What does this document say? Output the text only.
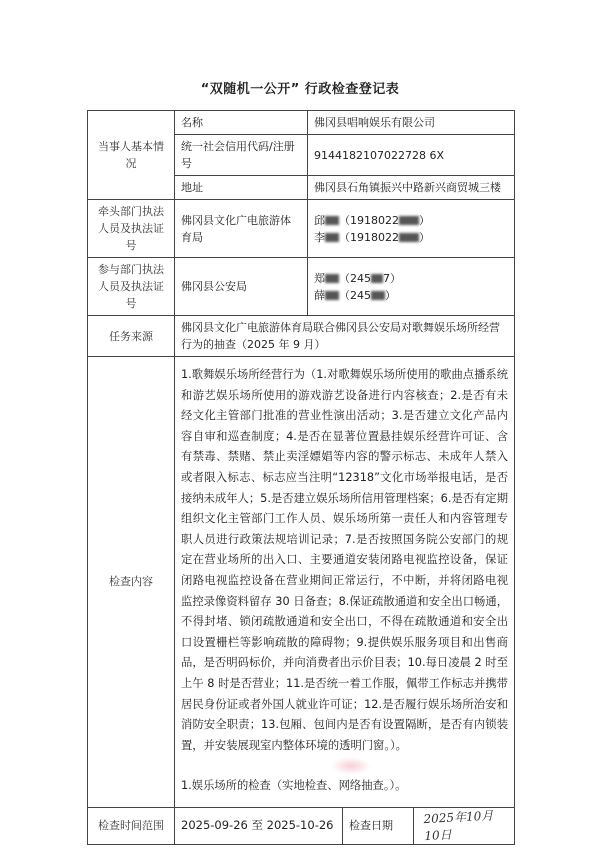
“双随机一公开” 行政检查登记表
当事人基本情况	名称	佛冈县唱响娱乐有限公司
	统一社会信用代码/注册号	9144182107022728 6X
	地址	佛冈县石角镇振兴中路新兴商贸城三楼
牵头部门执法人员及执法证号	佛冈县文化广电旅游体育局	邱 （1918022 ）
李 （1918022 ）

参与部门执法人员及执法证号	佛冈县公安局	郑 （245 7）
薛 （245 ）

任务来源	佛冈县文化广电旅游体育局联合佛冈县公安局对歌舞娱乐场所经营行为的抽查（2025 年 9 月）	
检查内容	1.歌舞娱乐场所经营行为（1.对歌舞娱乐场所使用的歌曲点播系统和游艺娱乐场所使用的游戏游艺设备进行内容核查；2.是否有未经文化主管部门批准的营业性演出活动；3.是否建立文化产品内容自审和巡查制度；4.是否在显著位置悬挂娱乐经营许可证、含有禁毒、禁赌、禁止卖淫嫖娼等内容的警示标志、未成年人禁入或者限入标志、标志应当注明“12318”文化市场举报电话，是否接纳未成年人；5.是否建立娱乐场所信用管理档案；6.是否有定期组织文化主管部门工作人员、娱乐场所第一责任人和内容管理专职人员进行政策法规培训记录；7.是否按照国务院公安部门的规定在营业场所的出入口、主要通道安装闭路电视监控设备，保证闭路电视监控设备在营业期间正常运行，不中断，并将闭路电视监控录像资料留存 30 日备查；8.保证疏散通道和安全出口畅通，不得封堵、锁闭疏散通道和安全出口，不得在疏散通道和安全出口设置栅栏等影响疏散的障碍物；9.提供娱乐服务项目和出售商品，是否明码标价，并向消费者出示价目表；10.每日凌晨 2 时至上午 8 时是否营业；11.是否统一着工作服，佩带工作标志并携带居民身份证或者外国人就业许可证；12.是否履行娱乐场所治安和消防安全职责；13.包厢、包间内是否有设置隔断，是否有内锁装置，并安装展现室内整体环境的透明门窗。）。

1.娱乐场所的检查（实地检查、网络抽查。）。	

检查时间范围	2025-09-26 至 2025-10-26 检查日期 2025年10月10日	
